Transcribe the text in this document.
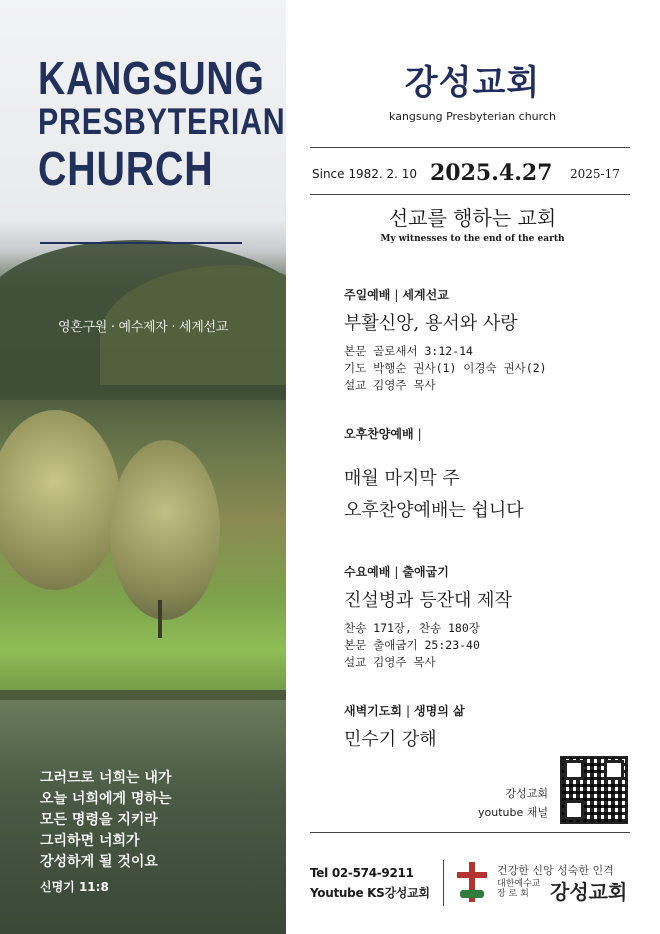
KANGSUNG
PRESBYTERIAN
CHURCH
영혼구원 · 예수제자 · 세계선교
그러므로 너희는 내가
오늘 너희에게 명하는
모든 명령을 지키라
그리하면 너희가
강성하게 될 것이요
신명기 11:8
강성교회
kangsung Presbyterian church
Since 1982. 2. 10 2025.4.27 2025-17
선교를 행하는 교회
My witnesses to the end of the earth
주일예배 | 세계선교
부활신앙, 용서와 사랑
본문 골로새서 3:12-14
기도 박행순 권사(1) 이경숙 권사(2)
설교 김영주 목사
오후찬양예배 |
매월 마지막 주
오후찬양예배는 쉽니다
수요예배 | 출애굽기
진설병과 등잔대 제작
찬송 171장, 찬송 180장
본문 출애굽기 25:23-40
설교 김영주 목사
새벽기도회 | 생명의 삶
민수기 강해
강성교회
youtube 채널
Tel 02-574-9211
Youtube KS강성교회
건강한 신앙 성숙한 인격
대한예수교
장 로 회 강성교회
